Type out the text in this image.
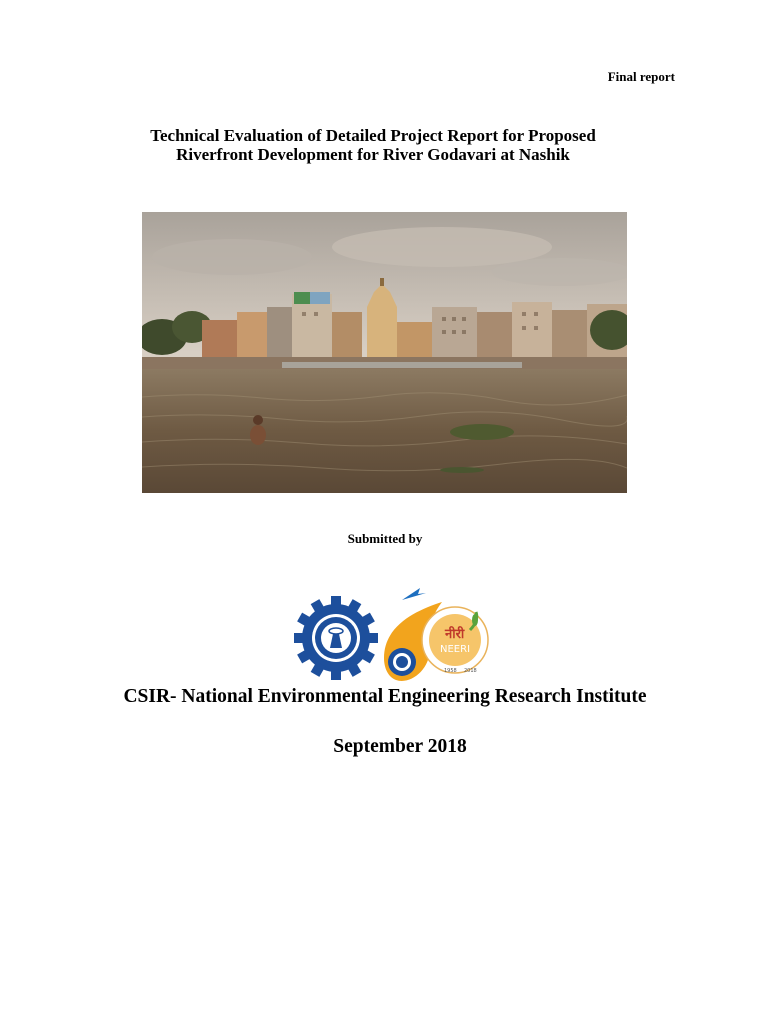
Final report
Technical Evaluation of Detailed Project Report for Proposed
Riverfront Development for River Godavari at Nashik
Submitted by
नीरी
NEERI
1958 2018
CSIR- National Environmental Engineering Research Institute
September 2018
